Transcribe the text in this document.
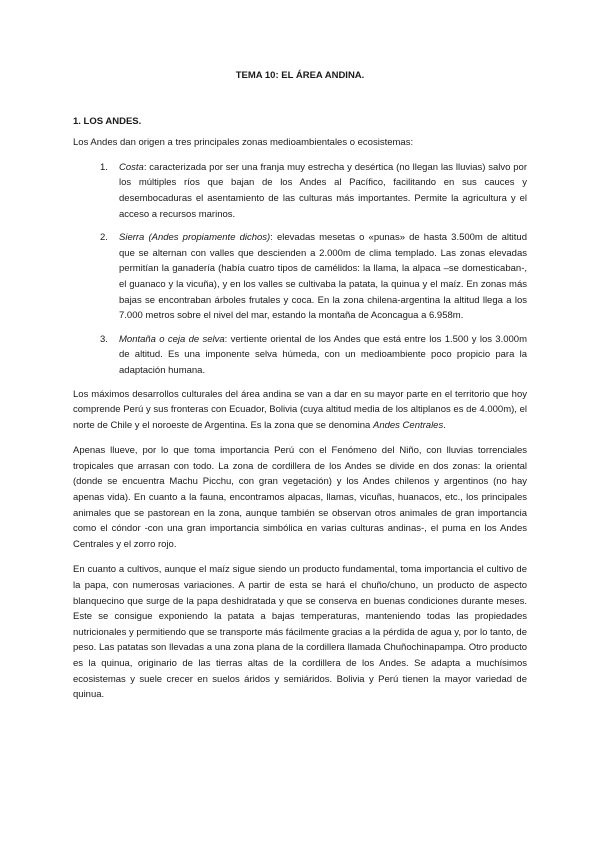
TEMA 10: EL ÁREA ANDINA.
1. LOS ANDES.

Los Andes dan origen a tres principales zonas medioambientales o ecosistemas:

1. Costa: caracterizada por ser una franja muy estrecha y desértica (no llegan las lluvias) salvo por los múltiples ríos que bajan de los Andes al Pacífico, facilitando en sus cauces y desembocaduras el asentamiento de las culturas más importantes. Permite la agricultura y el acceso a recursos marinos.
2. Sierra (Andes propiamente dichos): elevadas mesetas o «punas» de hasta 3.500m de altitud que se alternan con valles que descienden a 2.000m de clima templado. Las zonas elevadas permitían la ganadería (había cuatro tipos de camélidos: la llama, la alpaca –se domesticaban-, el guanaco y la vicuña), y en los valles se cultivaba la patata, la quinua y el maíz. En zonas más bajas se encontraban árboles frutales y coca. En la zona chilena-argentina la altitud llega a los 7.000 metros sobre el nivel del mar, estando la montaña de Aconcagua a 6.958m.
3. Montaña o ceja de selva: vertiente oriental de los Andes que está entre los 1.500 y los 3.000m de altitud. Es una imponente selva húmeda, con un medioambiente poco propicio para la adaptación humana.

Los máximos desarrollos culturales del área andina se van a dar en su mayor parte en el territorio que hoy comprende Perú y sus fronteras con Ecuador, Bolivia (cuya altitud media de los altiplanos es de 4.000m), el norte de Chile y el noroeste de Argentina. Es la zona que se denomina Andes Centrales.

Apenas llueve, por lo que toma importancia Perú con el Fenómeno del Niño, con lluvias torrenciales tropicales que arrasan con todo. La zona de cordillera de los Andes se divide en dos zonas: la oriental (donde se encuentra Machu Picchu, con gran vegetación) y los Andes chilenos y argentinos (no hay apenas vida). En cuanto a la fauna, encontramos alpacas, llamas, vicuñas, huanacos, etc., los principales animales que se pastorean en la zona, aunque también se observan otros animales de gran importancia como el cóndor -con una gran importancia simbólica en varias culturas andinas-, el puma en los Andes Centrales y el zorro rojo.

En cuanto a cultivos, aunque el maíz sigue siendo un producto fundamental, toma importancia el cultivo de la papa, con numerosas variaciones. A partir de esta se hará el chuño/chuno, un producto de aspecto blanquecino que surge de la papa deshidratada y que se conserva en buenas condiciones durante meses. Este se consigue exponiendo la patata a bajas temperaturas, manteniendo todas las propiedades nutricionales y permitiendo que se transporte más fácilmente gracias a la pérdida de agua y, por lo tanto, de peso. Las patatas son llevadas a una zona plana de la cordillera llamada Chuñochinapampa. Otro producto es la quinua, originario de las tierras altas de la cordillera de los Andes. Se adapta a muchísimos ecosistemas y suele crecer en suelos áridos y semiáridos. Bolivia y Perú tienen la mayor variedad de quinua.
